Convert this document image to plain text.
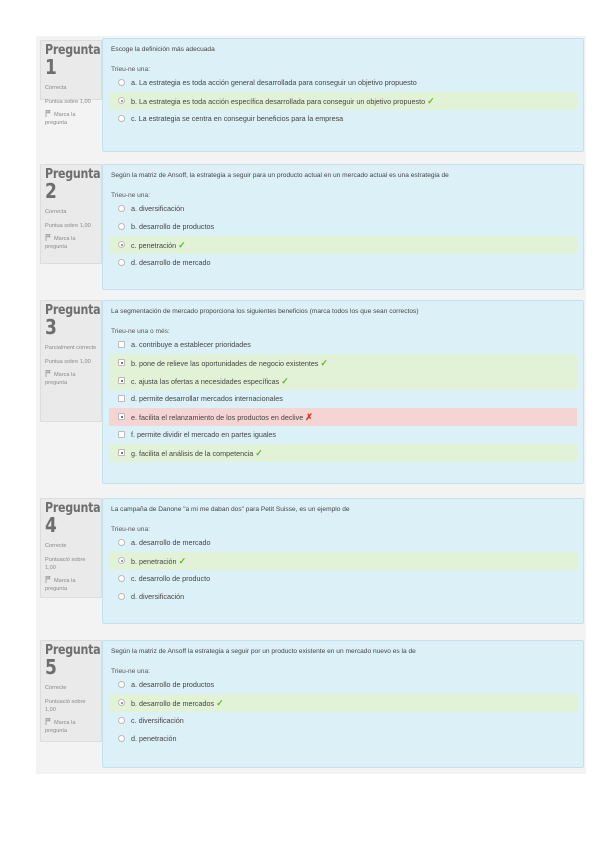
Pregunta 1
Correcta
Puntua sobre 1,00
Marca la pregunta
Escoge la definición más adecuada
Trieu-ne una:
a. La estrategia es toda acción general desarrollada para conseguir un objetivo propuesto
b. La estrategia es toda acción específica desarrollada para conseguir un objetivo propuesto ✓
c. La estrategia se centra en conseguir beneficios para la empresa
Pregunta
2
Correcta
Puntua sobre 1,00
Marca la pregunta
Según la matriz de Ansoff, la estrategia a seguir para un producto actual en un mercado actual es una estrategia de
Trieu-ne una:
a. diversificación
b. desarrollo de productos
c. penetración ✓
d. desarrollo de mercado
Pregunta
3
Parcialment correcte
Puntua sobre 1,00
Marca la pregunta
La segmentación de mercado proporciona los siguientes beneficios (marca todos los que sean correctos)
Trieu-ne una o més:
a. contribuye a establecer prioridades
b. pone de relieve las oportunidades de negocio existentes ✓
c. ajusta las ofertas a necesidades específicas ✓
d. permite desarrollar mercados internacionales
e. facilita el relanzamiento de los productos en declive ✗
f. permite dividir el mercado en partes iguales
g. facilita el análisis de la competencia ✓
Pregunta
4
Correcte
Puntuació sobre 1,00
Marca la pregunta
La campaña de Danone "a mi me daban dos" para Petit Suisse, es un ejemplo de
Trieu-ne una:
a. desarrollo de mercado
b. penetración ✓
c. desarrollo de producto
d. diversificación
Pregunta
5
Correcte
Puntuació sobre 1,00
Marca la pregunta
Según la matriz de Ansoff la estrategia a seguir por un producto existente en un mercado nuevo es la de
Trieu-ne una:
a. desarrollo de productos
b. desarrollo de mercados ✓
c. diversificación
d. penetración
